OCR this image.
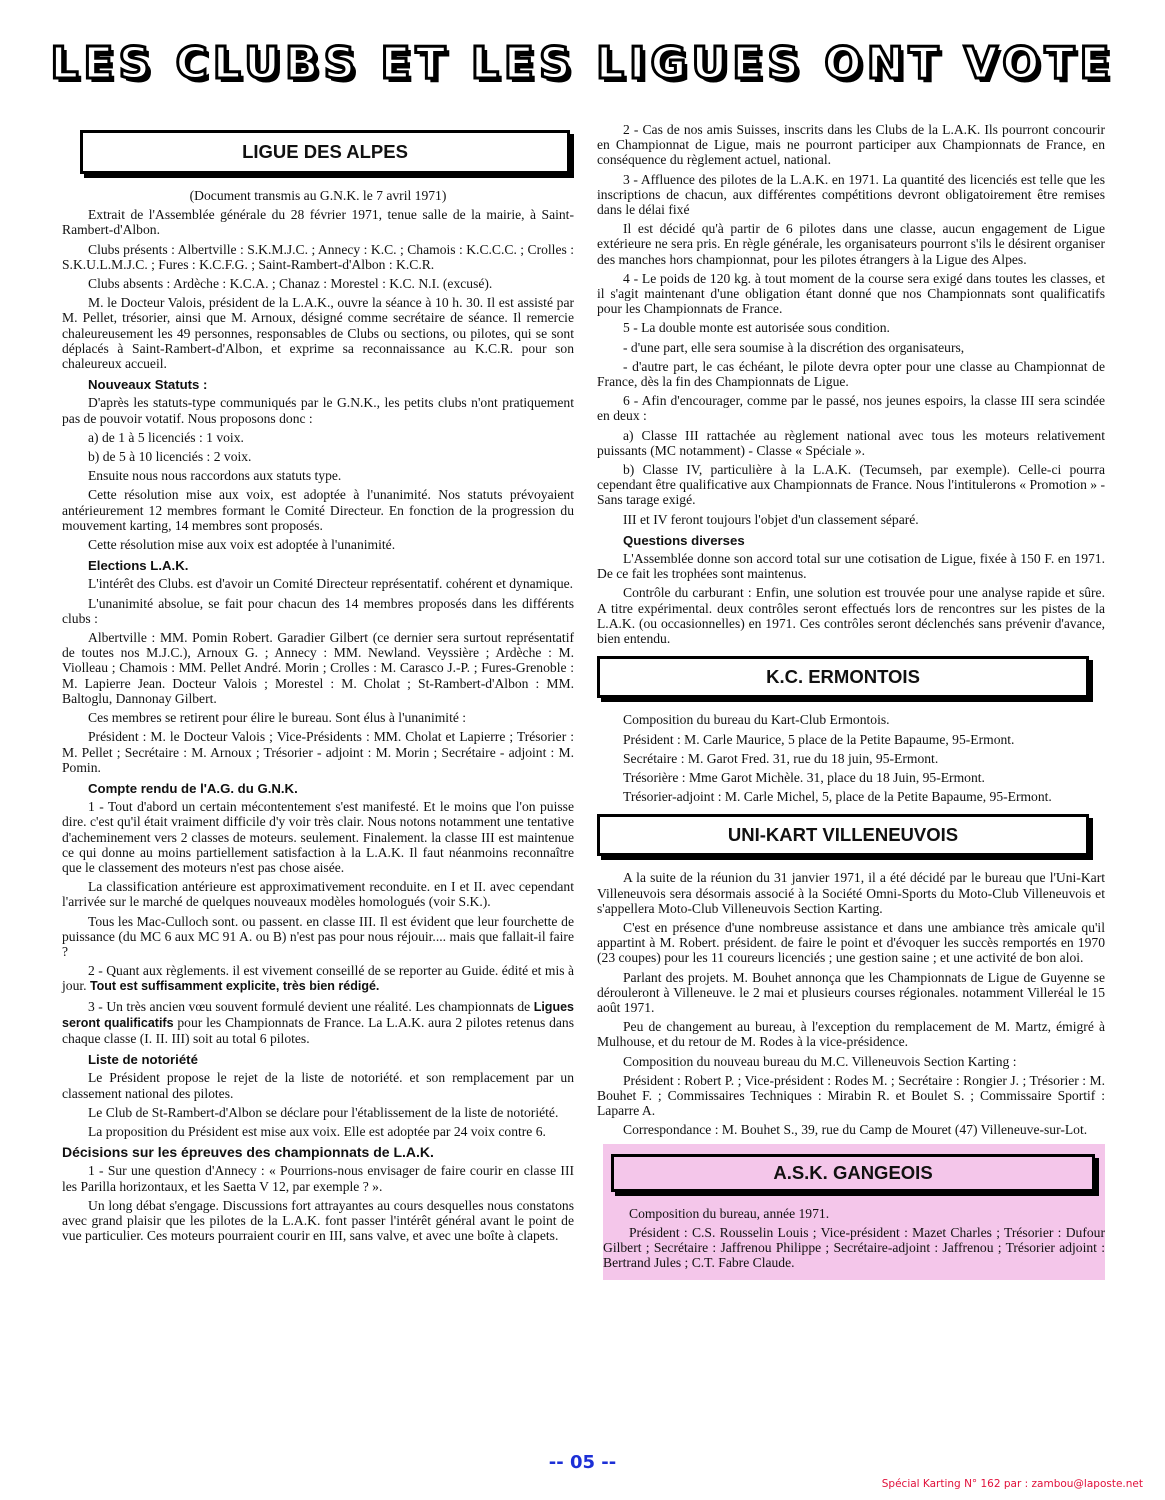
LES CLUBS ET LES LIGUES ONT VOTE
LIGUE DES ALPES

(Document transmis au G.N.K. le 7 avril 1971)

Extrait de l'Assemblée générale du 28 février 1971, tenue salle de la mairie, à Saint-Rambert-d'Albon.

Clubs présents : Albertville : S.K.M.J.C. ; Annecy : K.C. ; Chamois : K.C.C.C. ; Crolles : S.K.U.L.M.J.C. ; Fures : K.C.F.G. ; Saint-Rambert-d'Albon : K.C.R.

Clubs absents : Ardèche : K.C.A. ; Chanaz : Morestel : K.C. N.I. (excusé).

M. le Docteur Valois, président de la L.A.K., ouvre la séance à 10 h. 30. Il est assisté par M. Pellet, trésorier, ainsi que M. Arnoux, désigné comme secrétaire de séance. Il remercie chaleureusement les 49 personnes, responsables de Clubs ou sections, ou pilotes, qui se sont déplacés à Saint-Rambert-d'Albon, et exprime sa reconnaissance au K.C.R. pour son chaleureux accueil.

Nouveaux Statuts :

D'après les statuts-type communiqués par le G.N.K., les petits clubs n'ont pratiquement pas de pouvoir votatif. Nous proposons donc :

a) de 1 à 5 licenciés : 1 voix.

b) de 5 à 10 licenciés : 2 voix.

Ensuite nous nous raccordons aux statuts type.

Cette résolution mise aux voix, est adoptée à l'unanimité. Nos statuts prévoyaient antérieurement 12 membres formant le Comité Directeur. En fonction de la progression du mouvement karting, 14 membres sont proposés.

Cette résolution mise aux voix est adoptée à l'unanimité.

Elections L.A.K.

L'intérêt des Clubs. est d'avoir un Comité Directeur représentatif. cohérent et dynamique.

L'unanimité absolue, se fait pour chacun des 14 membres proposés dans les différents clubs :

Albertville : MM. Pomin Robert. Garadier Gilbert (ce dernier sera surtout représentatif de toutes nos M.J.C.), Arnoux G. ; Annecy : MM. Newland. Veyssière ; Ardèche : M. Violleau ; Chamois : MM. Pellet André. Morin ; Crolles : M. Carasco J.-P. ; Fures-Grenoble : M. Lapierre Jean. Docteur Valois ; Morestel : M. Cholat ; St-Rambert-d'Albon : MM. Baltoglu, Dannonay Gilbert.

Ces membres se retirent pour élire le bureau. Sont élus à l'unanimité :

Président : M. le Docteur Valois ; Vice-Présidents : MM. Cholat et Lapierre ; Trésorier : M. Pellet ; Secrétaire : M. Arnoux ; Trésorier - adjoint : M. Morin ; Secrétaire - adjoint : M. Pomin.

Compte rendu de l'A.G. du G.N.K.

1 - Tout d'abord un certain mécontentement s'est manifesté. Et le moins que l'on puisse dire. c'est qu'il était vraiment difficile d'y voir très clair. Nous notons notamment une tentative d'acheminement vers 2 classes de moteurs. seulement. Finalement. la classe III est maintenue ce qui donne au moins partiellement satisfaction à la L.A.K. Il faut néanmoins reconnaître que le classement des moteurs n'est pas chose aisée.

La classification antérieure est approximativement reconduite. en I et II. avec cependant l'arrivée sur le marché de quelques nouveaux modèles homologués (voir S.K.).

Tous les Mac-Culloch sont. ou passent. en classe III. Il est évident que leur fourchette de puissance (du MC 6 aux MC 91 A. ou B) n'est pas pour nous réjouir.... mais que fallait-il faire ?

2 - Quant aux règlements. il est vivement conseillé de se reporter au Guide. édité et mis à jour. Tout est suffisamment explicite, très bien rédigé.

3 - Un très ancien vœu souvent formulé devient une réalité. Les championnats de Ligues seront qualificatifs pour les Championnats de France. La L.A.K. aura 2 pilotes retenus dans chaque classe (I. II. III) soit au total 6 pilotes.

Liste de notoriété

Le Président propose le rejet de la liste de notoriété. et son remplacement par un classement national des pilotes.

Le Club de St-Rambert-d'Albon se déclare pour l'établissement de la liste de notoriété.

La proposition du Président est mise aux voix. Elle est adoptée par 24 voix contre 6.

Décisions sur les épreuves des championnats de L.A.K.

1 - Sur une question d'Annecy : « Pourrions-nous envisager de faire courir en classe III les Parilla horizontaux, et les Saetta V 12, par exemple ? ».

Un long débat s'engage. Discussions fort attrayantes au cours desquelles nous constatons avec grand plaisir que les pilotes de la L.A.K. font passer l'intérêt général avant le point de vue particulier. Ces moteurs pourraient courir en III, sans valve, et avec une boîte à clapets.

2 - Cas de nos amis Suisses, inscrits dans les Clubs de la L.A.K. Ils pourront concourir en Championnat de Ligue, mais ne pourront participer aux Championnats de France, en conséquence du règlement actuel, national.

3 - Affluence des pilotes de la L.A.K. en 1971. La quantité des licenciés est telle que les inscriptions de chacun, aux différentes compétitions devront obligatoirement être remises dans le délai fixé

Il est décidé qu'à partir de 6 pilotes dans une classe, aucun engagement de Ligue extérieure ne sera pris. En règle générale, les organisateurs pourront s'ils le désirent organiser des manches hors championnat, pour les pilotes étrangers à la Ligue des Alpes.

4 - Le poids de 120 kg. à tout moment de la course sera exigé dans toutes les classes, et il s'agit maintenant d'une obligation étant donné que nos Championnats sont qualificatifs pour les Championnats de France.

5 - La double monte est autorisée sous condition.

- d'une part, elle sera soumise à la discrétion des organisateurs,

- d'autre part, le cas échéant, le pilote devra opter pour une classe au Championnat de France, dès la fin des Championnats de Ligue.

6 - Afin d'encourager, comme par le passé, nos jeunes espoirs, la classe III sera scindée en deux :

a) Classe III rattachée au règlement national avec tous les moteurs relativement puissants (MC notamment) - Classe « Spéciale ».

b) Classe IV, particulière à la L.A.K. (Tecumseh, par exemple). Celle-ci pourra cependant être qualificative aux Championnats de France. Nous l'intitulerons « Promotion » - Sans tarage exigé.

III et IV feront toujours l'objet d'un classement séparé.

Questions diverses

L'Assemblée donne son accord total sur une cotisation de Ligue, fixée à 150 F. en 1971. De ce fait les trophées sont maintenus.

Contrôle du carburant : Enfin, une solution est trouvée pour une analyse rapide et sûre. A titre expérimental. deux contrôles seront effectués lors de rencontres sur les pistes de la L.A.K. (ou occasionnelles) en 1971. Ces contrôles seront déclenchés sans prévenir d'avance, bien entendu.

K.C. ERMONTOIS

Composition du bureau du Kart-Club Ermontois.

Président : M. Carle Maurice, 5 place de la Petite Bapaume, 95-Ermont.

Secrétaire : M. Garot Fred. 31, rue du 18 juin, 95-Ermont.

Trésorière : Mme Garot Michèle. 31, place du 18 Juin, 95-Ermont.

Trésorier-adjoint : M. Carle Michel, 5, place de la Petite Bapaume, 95-Ermont.

UNI-KART VILLENEUVOIS

A la suite de la réunion du 31 janvier 1971, il a été décidé par le bureau que l'Uni-Kart Villeneuvois sera désormais associé à la Société Omni-Sports du Moto-Club Villeneuvois et s'appellera Moto-Club Villeneuvois Section Karting.

C'est en présence d'une nombreuse assistance et dans une ambiance très amicale qu'il appartint à M. Robert. président. de faire le point et d'évoquer les succès remportés en 1970 (23 coupes) pour les 11 coureurs licenciés ; une gestion saine ; et une activité de bon aloi.

Parlant des projets. M. Bouhet annonça que les Championnats de Ligue de Guyenne se dérouleront à Villeneuve. le 2 mai et plusieurs courses régionales. notamment Villeréal le 15 août 1971.

Peu de changement au bureau, à l'exception du remplacement de M. Martz, émigré à Mulhouse, et du retour de M. Rodes à la vice-présidence.

Composition du nouveau bureau du M.C. Villeneuvois Section Karting :

Président : Robert P. ; Vice-président : Rodes M. ; Secrétaire : Rongier J. ; Trésorier : M. Bouhet F. ; Commissaires Techniques : Mirabin R. et Boulet S. ; Commissaire Sportif : Laparre A.

Correspondance : M. Bouhet S., 39, rue du Camp de Mouret (47) Villeneuve-sur-Lot.

A.S.K. GANGEOIS

Composition du bureau, année 1971.

Président : C.S. Rousselin Louis ; Vice-président : Mazet Charles ; Trésorier : Dufour Gilbert ; Secrétaire : Jaffrenou Philippe ; Secrétaire-adjoint : Jaffrenou ; Trésorier adjoint : Bertrand Jules ; C.T. Fabre Claude.

-- 05 --
Spécial Karting N° 162 par : zambou@laposte.net
